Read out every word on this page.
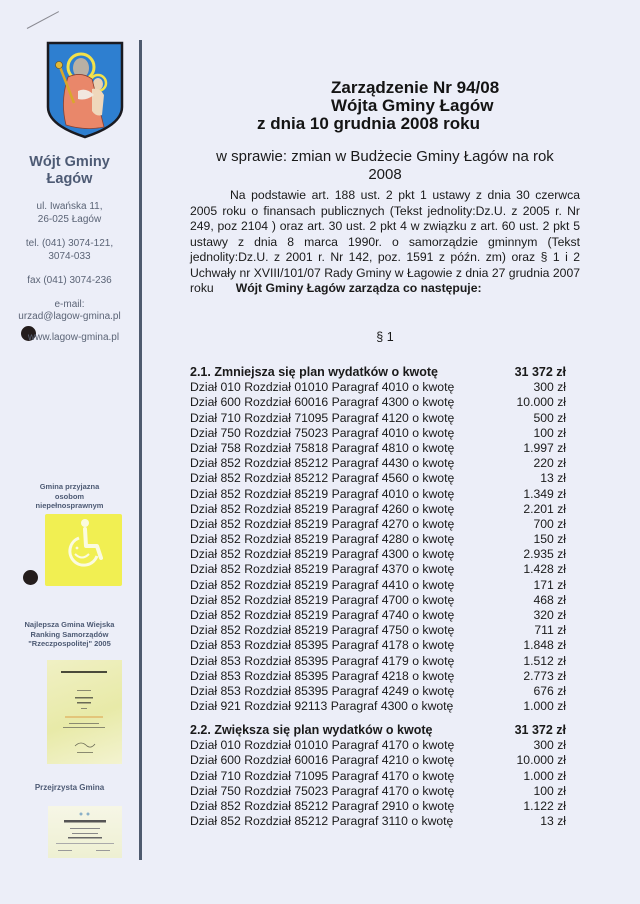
Wójt Gminy
Łagów
ul. Iwańska 11,
26-025 Łagów
tel. (041) 3074-121,
3074-033
fax (041) 3074-236
e-mail:
urzad@lagow-gmina.pl
www.lagow-gmina.pl
Gmina przyjazna
osobom
niepełnosprawnym
Najlepsza Gmina Wiejska
Ranking Samorządów
"Rzeczpospolitej" 2005
Przejrzysta Gmina
Zarządzenie Nr 94/08
Wójta Gminy Łagów
z dnia 10 grudnia 2008 roku
w sprawie: zmian w Budżecie Gminy Łagów na rok
2008
Na podstawie art. 188 ust. 2 pkt 1 ustawy z dnia 30 czerwca 2005 roku o finansach publicznych (Tekst jednolity:Dz.U. z 2005 r. Nr 249, poz 2104 ) oraz art. 30 ust. 2 pkt 4 w związku z art. 60 ust. 2 pkt 5 ustawy z dnia 8 marca 1990r. o samorządzie gminnym (Tekst jednolity:Dz.U. z 2001 r. Nr 142, poz. 1591 z późn. zm) oraz § 1 i 2 Uchwały nr XVIII/101/07 Rady Gminy w Łagowie z dnia 27 grudnia 2007 roku Wójt Gminy Łagów zarządza co następuje:
§ 1
2.1. Zmniejsza się plan wydatków o kwotę	31 372 zł
Dział 010 Rozdział 01010 Paragraf 4010 o kwotę	300 zł
Dział 600 Rozdział 60016 Paragraf 4300 o kwotę	10.000 zł
Dział 710 Rozdział 71095 Paragraf 4120 o kwotę	500 zł
Dział 750 Rozdział 75023 Paragraf 4010 o kwotę	100 zł
Dział 758 Rozdział 75818 Paragraf 4810 o kwotę	1.997 zł
Dział 852 Rozdział 85212 Paragraf 4430 o kwotę	220 zł
Dział 852 Rozdział 85212 Paragraf 4560 o kwotę	13 zł
Dział 852 Rozdział 85219 Paragraf 4010 o kwotę	1.349 zł
Dział 852 Rozdział 85219 Paragraf 4260 o kwotę	2.201 zł
Dział 852 Rozdział 85219 Paragraf 4270 o kwotę	700 zł
Dział 852 Rozdział 85219 Paragraf 4280 o kwotę	150 zł
Dział 852 Rozdział 85219 Paragraf 4300 o kwotę	2.935 zł
Dział 852 Rozdział 85219 Paragraf 4370 o kwotę	1.428 zł
Dział 852 Rozdział 85219 Paragraf 4410 o kwotę	171 zł
Dział 852 Rozdział 85219 Paragraf 4700 o kwotę	468 zł
Dział 852 Rozdział 85219 Paragraf 4740 o kwotę	320 zł
Dział 852 Rozdział 85219 Paragraf 4750 o kwotę	711 zł
Dział 853 Rozdział 85395 Paragraf 4178 o kwotę	1.848 zł
Dział 853 Rozdział 85395 Paragraf 4179 o kwotę	1.512 zł
Dział 853 Rozdział 85395 Paragraf 4218 o kwotę	2.773 zł
Dział 853 Rozdział 85395 Paragraf 4249 o kwotę	676 zł
Dział 921 Rozdział 92113 Paragraf 4300 o kwotę	1.000 zł
2.2. Zwiększa się plan wydatków o kwotę	31 372 zł
Dział 010 Rozdział 01010 Paragraf 4170 o kwotę	300 zł
Dział 600 Rozdział 60016 Paragraf 4210 o kwotę	10.000 zł
Dział 710 Rozdział 71095 Paragraf 4170 o kwotę	1.000 zł
Dział 750 Rozdział 75023 Paragraf 4170 o kwotę	100 zł
Dział 852 Rozdział 85212 Paragraf 2910 o kwotę	1.122 zł
Dział 852 Rozdział 85212 Paragraf 3110 o kwotę	13 zł
